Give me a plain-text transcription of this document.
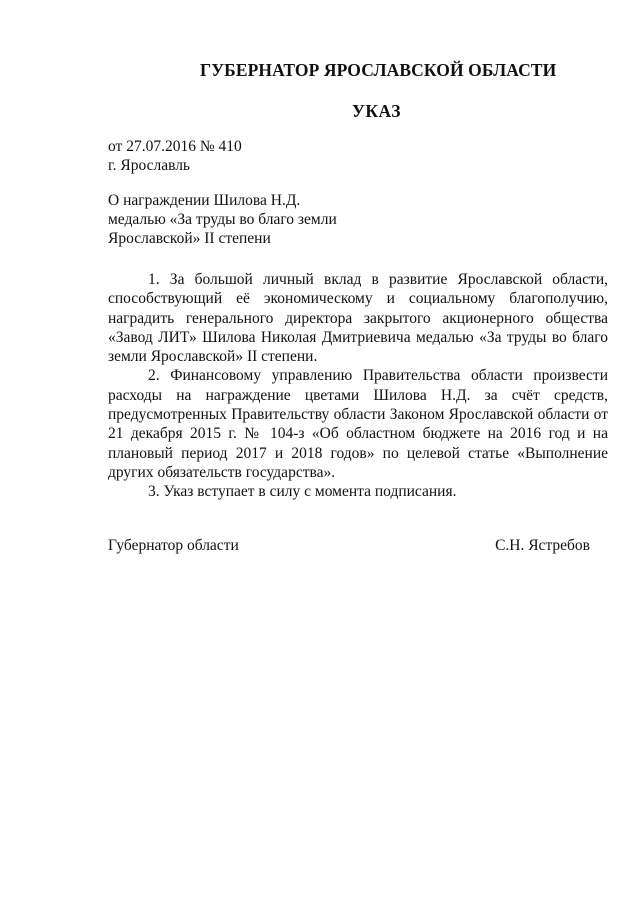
ГУБЕРНАТОР ЯРОСЛАВСКОЙ ОБЛАСТИ
УКАЗ
от 27.07.2016 № 410
г. Ярославль
О награждении Шилова Н.Д.
медалью «За труды во благо земли
Ярославской» II степени

1. За большой личный вклад в развитие Ярославской области, способствующий её экономическому и социальному благополучию, наградить генерального директора закрытого акционерного общества «Завод ЛИТ» Шилова Николая Дмитриевича медалью «За труды во благо земли Ярославской» II степени.

2. Финансовому управлению Правительства области произвести расходы на награждение цветами Шилова Н.Д. за счёт средств, предусмотренных Правительству области Законом Ярославской области от 21 декабря 2015 г. № 104-з «Об областном бюджете на 2016 год и на плановый период 2017 и 2018 годов» по целевой статье «Выполнение других обязательств государства».

3. Указ вступает в силу с момента подписания.

Губернатор области	С.Н. Ястребов
